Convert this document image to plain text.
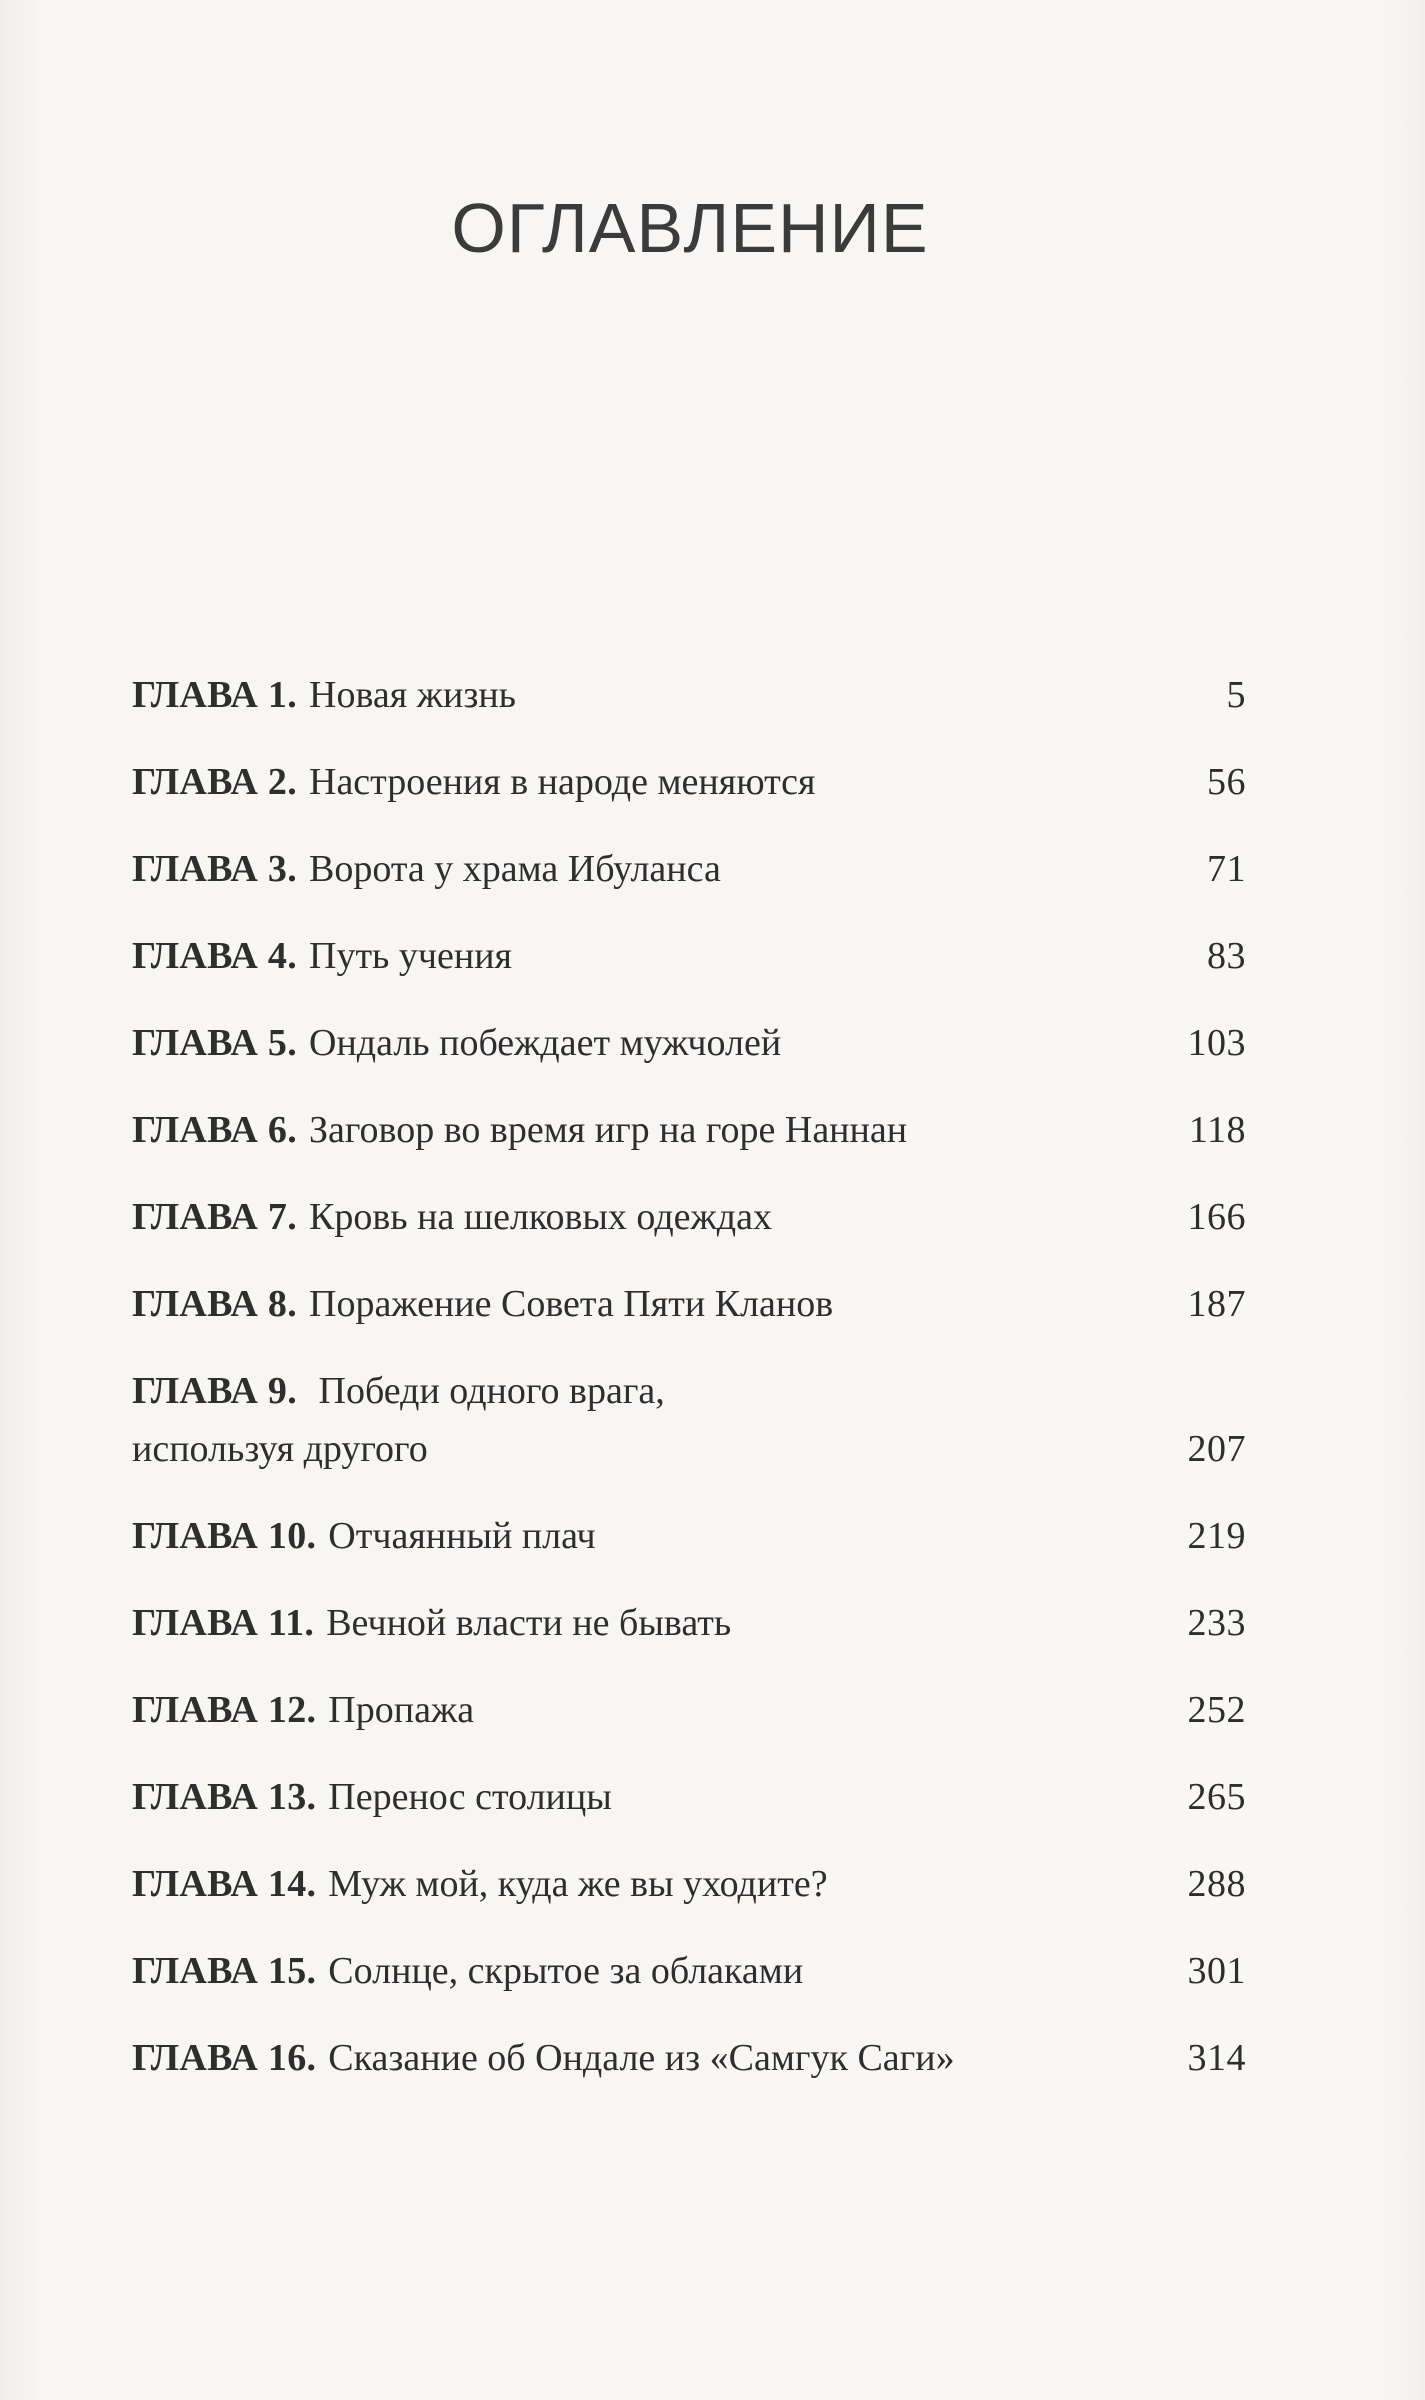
ОГЛАВЛЕНИЕ
ГЛАВА 1. Новая жизнь	5
ГЛАВА 2. Настроения в народе меняются	56
ГЛАВА 3. Ворота у храма Ибуланса	71
ГЛАВА 4. Путь учения	83
ГЛАВА 5. Ондаль побеждает мужчолей	103
ГЛАВА 6. Заговор во время игр на горе Наннан	118
ГЛАВА 7. Кровь на шелковых одеждах	166
ГЛАВА 8. Поражение Совета Пяти Кланов	187
ГЛАВА 9. Победи одного врага,
используя другого	207
ГЛАВА 10. Отчаянный плач	219
ГЛАВА 11. Вечной власти не бывать	233
ГЛАВА 12. Пропажа	252
ГЛАВА 13. Перенос столицы	265
ГЛАВА 14. Муж мой, куда же вы уходите?	288
ГЛАВА 15. Солнце, скрытое за облаками	301
ГЛАВА 16. Сказание об Ондале из «Самгук Саги»	314
